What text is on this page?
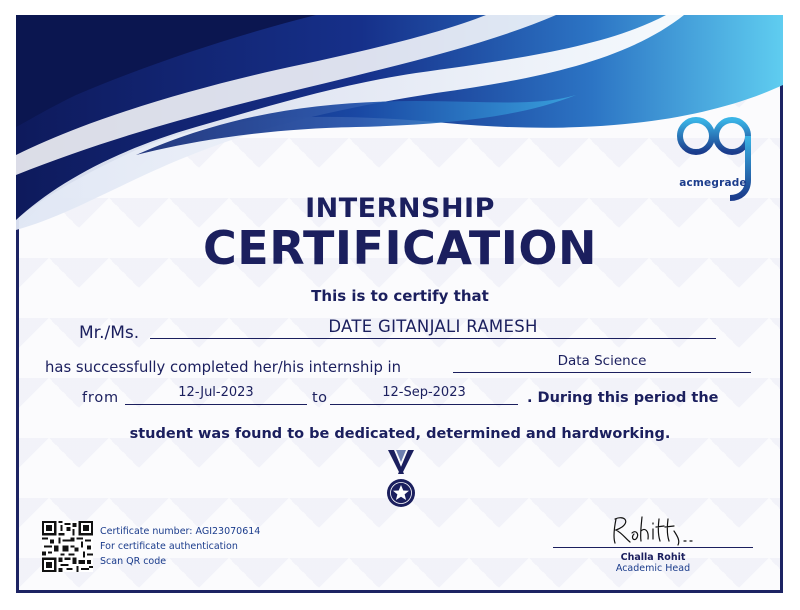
acmegrade
INTERNSHIP
CERTIFICATION
This is to certify that
Mr./Ms.	DATE GITANJALI RAMESH
has successfully completed her/his internship in	Data Science
from	12-Jul-2023	to	12-Sep-2023	. During this period the
student was found to be dedicated, determined and hardworking.
Certificate number: AGI23070614
For certificate authentication
Scan QR code	Challa Rohit
Academic Head
